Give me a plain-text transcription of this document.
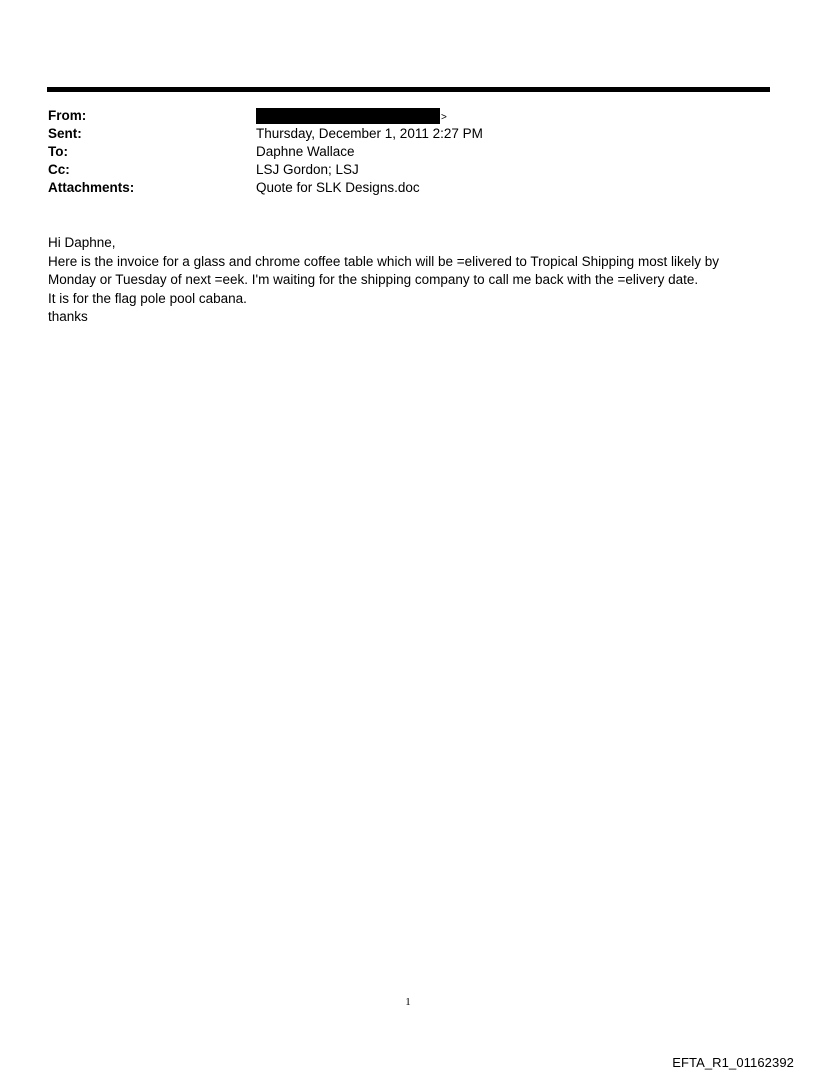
From:	>
Sent:	Thursday, December 1, 2011 2:27 PM
To:	Daphne Wallace
Cc:	LSJ Gordon; LSJ
Attachments:	Quote for SLK Designs.doc
Hi Daphne,
Here is the invoice for a glass and chrome coffee table which will be =elivered to Tropical Shipping most likely by
Monday or Tuesday of next =eek. I'm waiting for the shipping company to call me back with the =elivery date.
It is for the flag pole pool cabana.
thanks
1
EFTA_R1_01162392
